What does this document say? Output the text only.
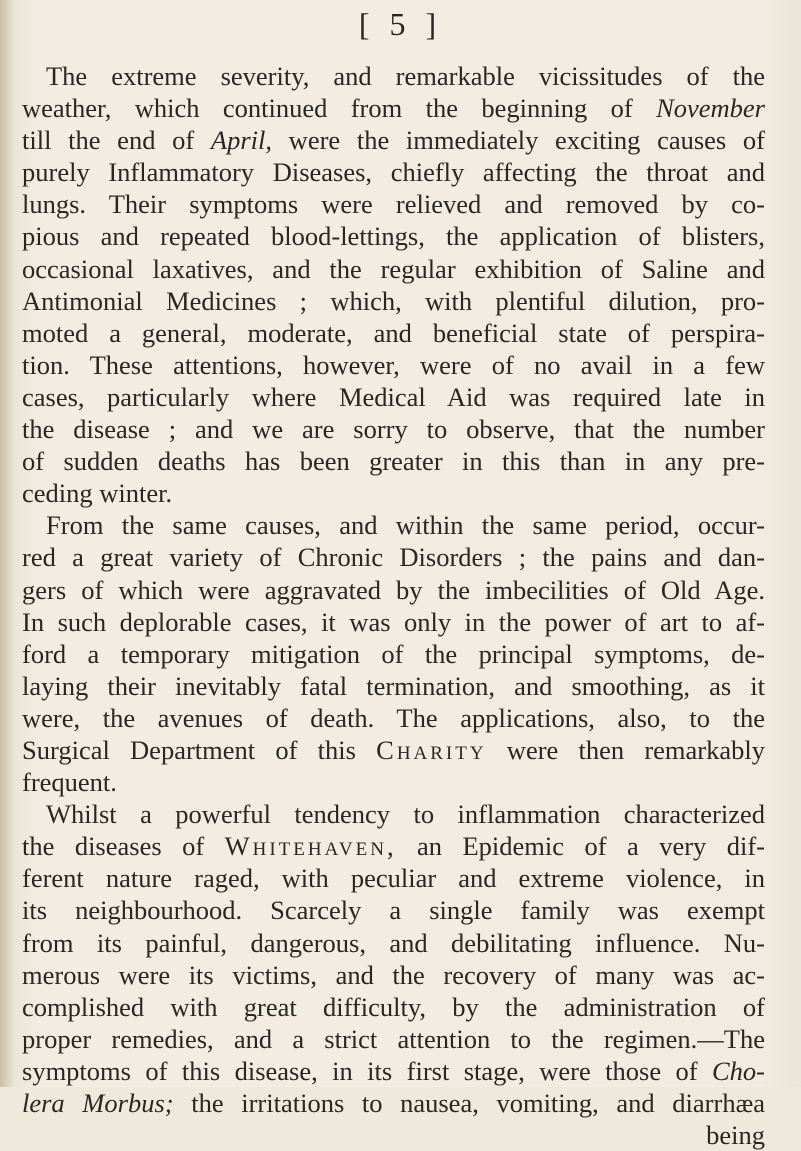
[ 5 ]
The extreme severity, and remarkable vicissitudes of the
weather, which continued from the beginning of November
till the end of April, were the immediately exciting causes of
purely Inflammatory Diseases, chiefly affecting the throat and
lungs. Their symptoms were relieved and removed by co-
pious and repeated blood-lettings, the application of blisters,
occasional laxatives, and the regular exhibition of Saline and
Antimonial Medicines ; which, with plentiful dilution, pro-
moted a general, moderate, and beneficial state of perspira-
tion. These attentions, however, were of no avail in a few
cases, particularly where Medical Aid was required late in
the disease ; and we are sorry to observe, that the number
of sudden deaths has been greater in this than in any pre-
ceding winter.
From the same causes, and within the same period, occur-
red a great variety of Chronic Disorders ; the pains and dan-
gers of which were aggravated by the imbecilities of Old Age.
In such deplorable cases, it was only in the power of art to af-
ford a temporary mitigation of the principal symptoms, de-
laying their inevitably fatal termination, and smoothing, as it
were, the avenues of death. The applications, also, to the
Surgical Department of this Charity were then remarkably
frequent.
Whilst a powerful tendency to inflammation characterized
the diseases of Whitehaven, an Epidemic of a very dif-
ferent nature raged, with peculiar and extreme violence, in
its neighbourhood. Scarcely a single family was exempt
from its painful, dangerous, and debilitating influence. Nu-
merous were its victims, and the recovery of many was ac-
complished with great difficulty, by the administration of
proper remedies, and a strict attention to the regimen.—The
symptoms of this disease, in its first stage, were those of Cho-
lera Morbus; the irritations to nausea, vomiting, and diarrhæa
being
